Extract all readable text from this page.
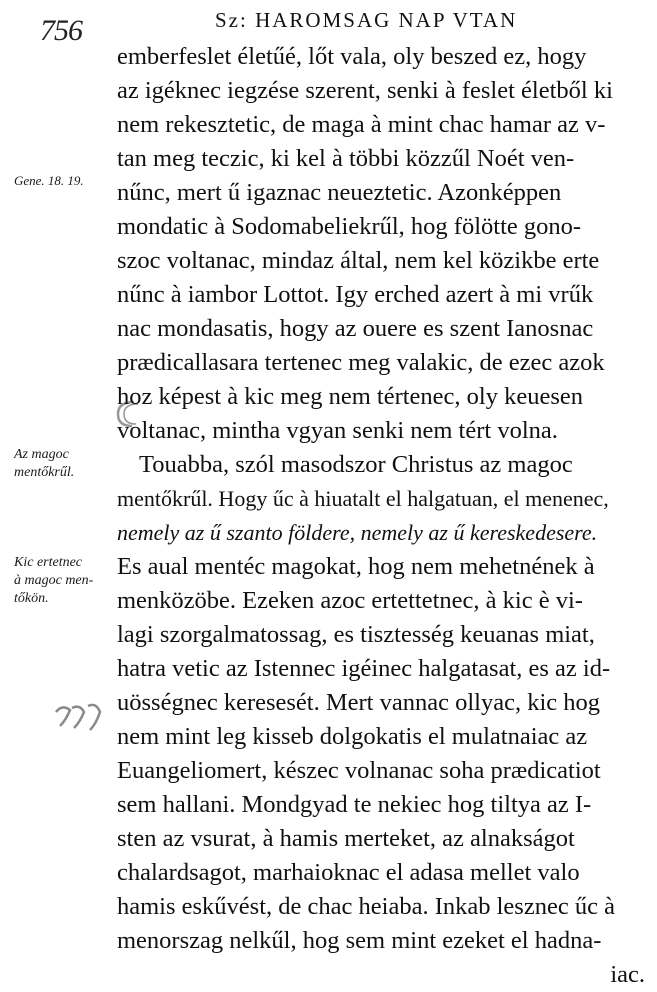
756	Sz: HAROMSAG NAP VTAN
Gene. 18. 19.
Az magoc
mentőkrűl.
Kic ertetnec
à magoc men-
tőkön.
emberfeslet életűé, lőt vala, oly beszed ez, hogy
az igéknec iegzése szerent, senki à feslet életből ki
nem rekesztetic, de maga à mint chac hamar az v-
tan meg teczic, ki kel à többi közzűl Noét ven-
nűnc, mert ű igaznac neueztetic. Azonképpen
mondatic à Sodomabeliekrűl, hog fölötte gono-
szoc voltanac, mindaz által, nem kel közikbe erte
nűnc à iambor Lottot. Igy erched azert à mi vrűk
nac mondasatis, hogy az ouere es szent Ianosnac
prædicallasara tertenec meg valakic, de ezec azok
hoz képest à kic meg nem tértenec, oly keuesen
voltanac, mintha vgyan senki nem tért volna.
Touabba, szól masodszor Christus az magoc
mentőkrűl. Hogy űc à hiuatalt el halgatuan, el menenec,
nemely az ű szanto földere, nemely az ű kereskedesere.
Es aual mentéc magokat, hog nem mehetnének à
menközöbe. Ezeken azoc ertettetnec, à kic è vi-
lagi szorgalmatossag, es tisztesség keuanas miat,
hatra vetic az Istennec igéinec halgatasat, es az id-
uösségnec keresesét. Mert vannac ollyac, kic hog
nem mint leg kisseb dolgokatis el mulatnaiac az
Euangeliomert, készec volnanac soha prædicatiot
sem hallani. Mondgyad te nekiec hog tiltya az I-
sten az vsurat, à hamis merteket, az alnakságot
chalardsagot, marhaioknac el adasa mellet valo
hamis eskűvést, de chac heiaba. Inkab lesznec űc à
menorszag nelkűl, hog sem mint ezeket el hadna-
iac.
